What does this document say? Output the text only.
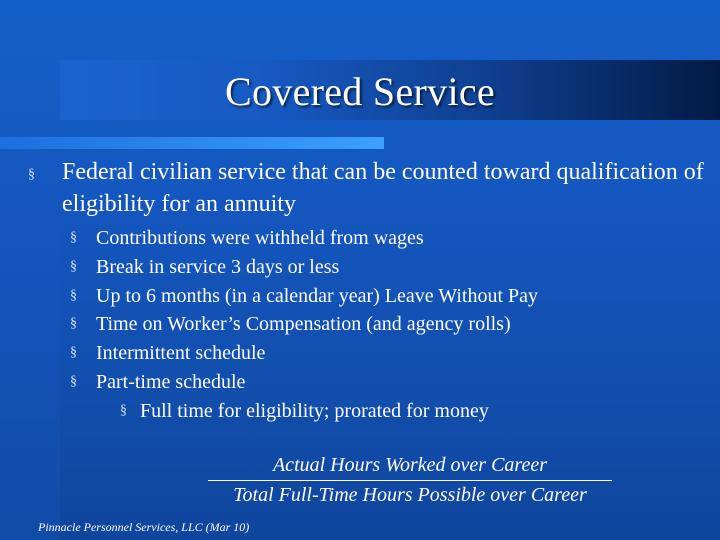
Covered Service
§ Federal civilian service that can be counted toward qualification of eligibility for an annuity
§ Contributions were withheld from wages
§ Break in service 3 days or less
§ Up to 6 months (in a calendar year) Leave Without Pay
§ Time on Worker’s Compensation (and agency rolls)
§ Intermittent schedule
§ Part-time schedule
§ Full time for eligibility; prorated for money
Actual Hours Worked over Career
Total Full-Time Hours Possible over Career
Pinnacle Personnel Services, LLC (Mar 10)
